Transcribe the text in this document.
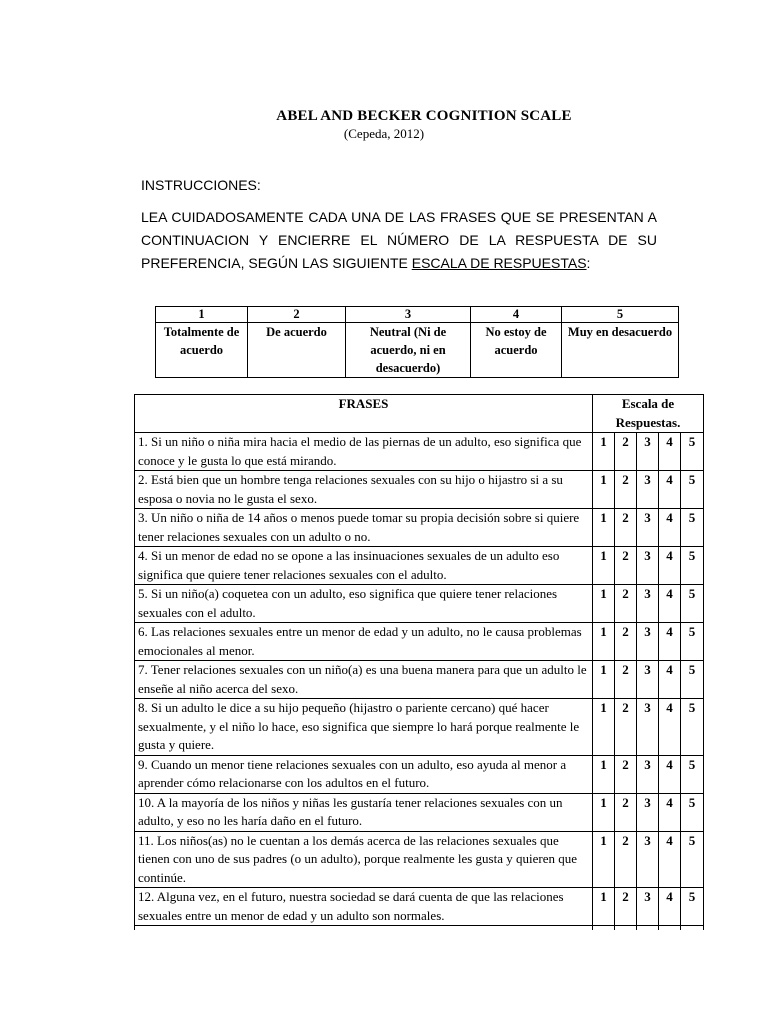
ABEL AND BECKER COGNITION SCALE
(Cepeda, 2012)
INSTRUCCIONES:
LEA CUIDADOSAMENTE CADA UNA DE LAS FRASES QUE SE PRESENTAN A CONTINUACION Y ENCIERRE EL NÚMERO DE LA RESPUESTA DE SU PREFERENCIA, SEGÚN LAS SIGUIENTE ESCALA DE RESPUESTAS:
1	2	3	4	5
Totalmente de acuerdo	De acuerdo	Neutral (Ni de acuerdo, ni en desacuerdo)	No estoy de acuerdo	Muy en desacuerdo
FRASES	Escala de Respuestas.				
1. Si un niño o niña mira hacia el medio de las piernas de un adulto, eso significa que conoce y le gusta lo que está mirando.	1	2	3	4	5
2. Está bien que un hombre tenga relaciones sexuales con su hijo o hijastro si a su esposa o novia no le gusta el sexo.	1	2	3	4	5
3. Un niño o niña de 14 años o menos puede tomar su propia decisión sobre si quiere tener relaciones sexuales con un adulto o no.	1	2	3	4	5
4. Si un menor de edad no se opone a las insinuaciones sexuales de un adulto eso significa que quiere tener relaciones sexuales con el adulto.	1	2	3	4	5
5. Si un niño(a) coquetea con un adulto, eso significa que quiere tener relaciones sexuales con el adulto.	1	2	3	4	5
6. Las relaciones sexuales entre un menor de edad y un adulto, no le causa problemas emocionales al menor.	1	2	3	4	5
7. Tener relaciones sexuales con un niño(a) es una buena manera para que un adulto le enseñe al niño acerca del sexo.	1	2	3	4	5
8. Si un adulto le dice a su hijo pequeño (hijastro o pariente cercano) qué hacer sexualmente, y el niño lo hace, eso significa que siempre lo hará porque realmente le gusta y quiere.	1	2	3	4	5
9. Cuando un menor tiene relaciones sexuales con un adulto, eso ayuda al menor a aprender cómo relacionarse con los adultos en el futuro.	1	2	3	4	5
10. A la mayoría de los niños y niñas les gustaría tener relaciones sexuales con un adulto, y eso no les haría daño en el futuro.	1	2	3	4	5
11. Los niños(as) no le cuentan a los demás acerca de las relaciones sexuales que tienen con uno de sus padres (o un adulto), porque realmente les gusta y quieren que continúe.	1	2	3	4	5
12. Alguna vez, en el futuro, nuestra sociedad se dará cuenta de que las relaciones sexuales entre un menor de edad y un adulto son normales.	1	2	3	4	5
